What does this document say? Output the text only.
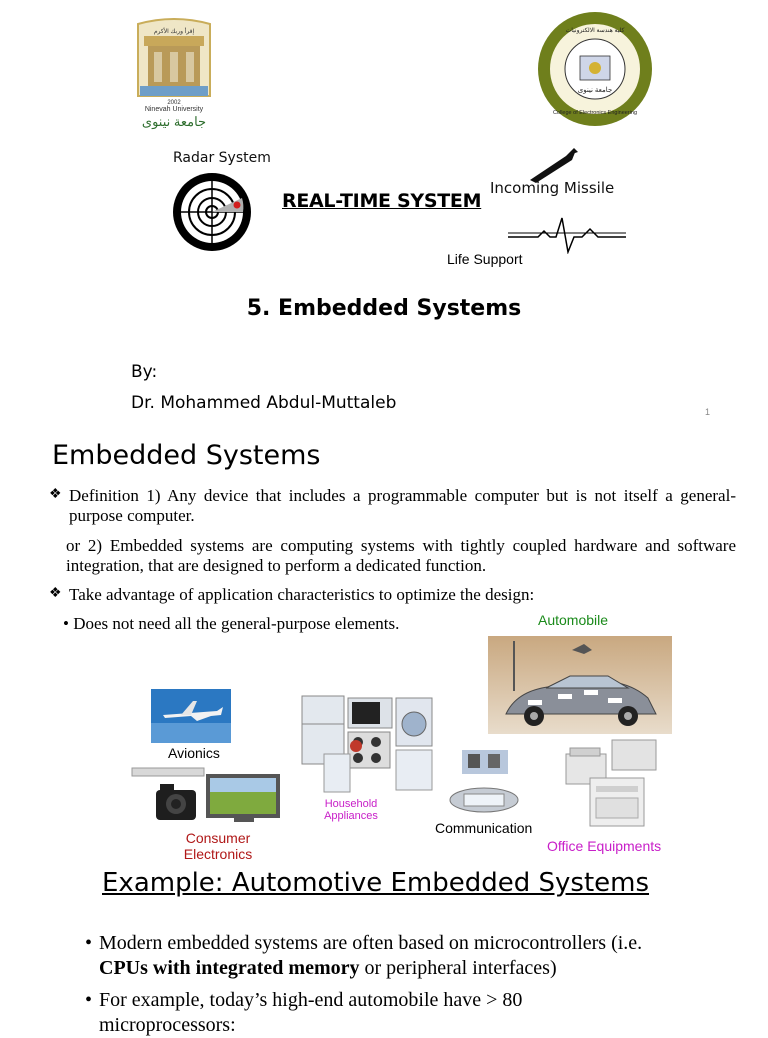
إقرأ وربك الأكرم
2002
Ninevah University
جامعة نينوى
جامعة نينوى
كلية هندسة الالكترونيات
College of Electronics Engineering
Radar System
REAL-TIME SYSTEM
Incoming Missile
Life Support
5. Embedded Systems
By:
Dr. Mohammed Abdul-Muttaleb	1
Embedded Systems
❖ Definition 1) Any device that includes a programmable computer but is not itself a general-purpose computer.
or 2) Embedded systems are computing systems with tightly coupled hardware and software integration, that are designed to perform a dedicated function.
❖ Take advantage of application characteristics to optimize the design:
• Does not need all the general-purpose elements.	Automobile
Avionics
Household
Appliances
Consumer
Electronics
Communication
Office Equipments
Example: Automotive Embedded Systems
• Modern embedded systems are often based on microcontrollers (i.e.
CPUs with integrated memory or peripheral interfaces)
• For example, today’s high-end automobile have > 80
microprocessors:
